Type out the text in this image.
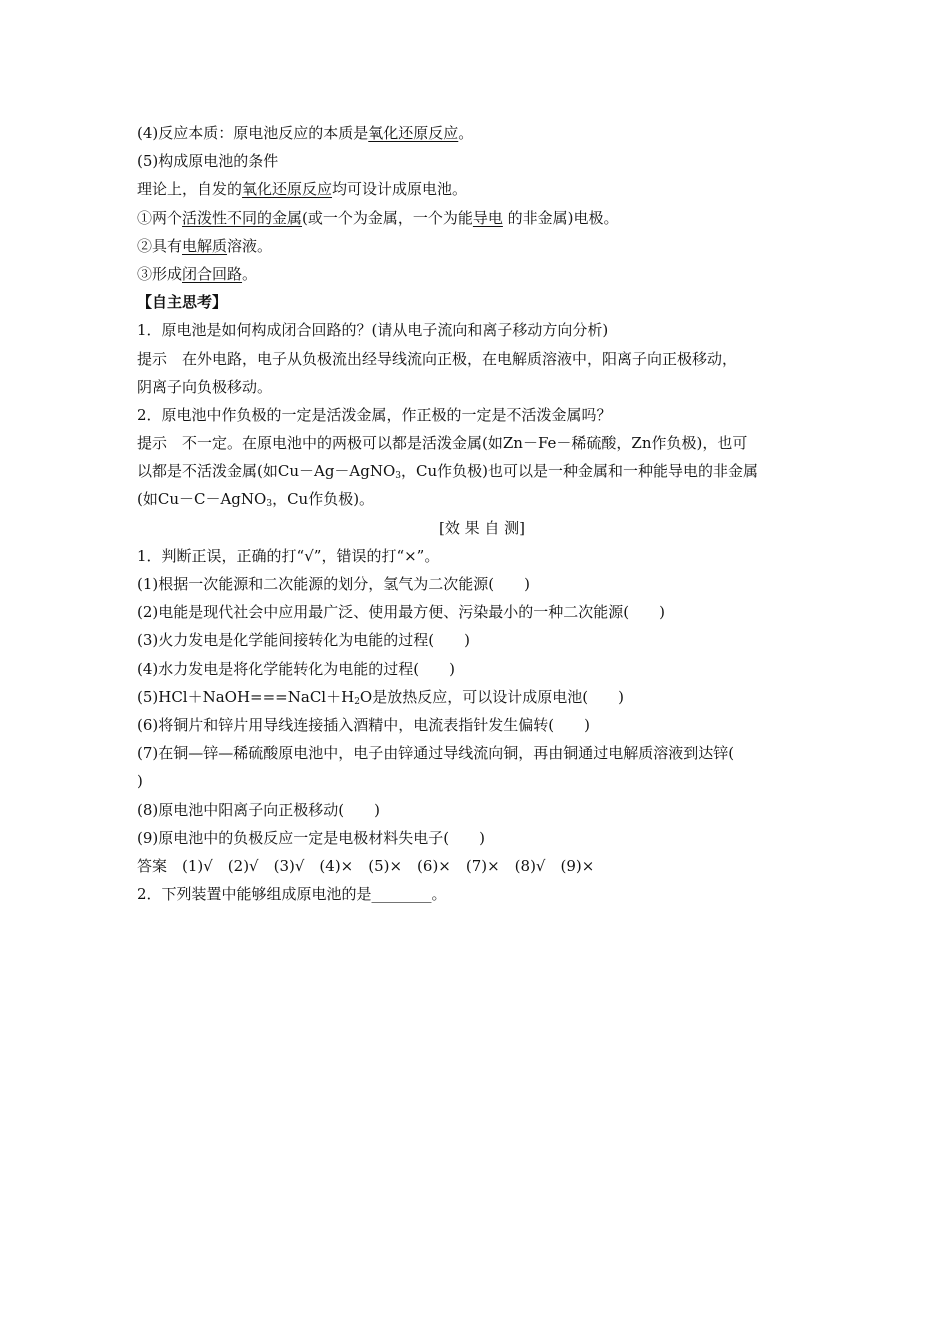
(4)反应本质：原电池反应的本质是氧化还原反应。
(5)构成原电池的条件
理论上，自发的氧化还原反应均可设计成原电池。
①两个活泼性不同的金属(或一个为金属，一个为能导电 的非金属)电极。
②具有电解质溶液。
③形成闭合回路。
【自主思考】
1．原电池是如何构成闭合回路的？(请从电子流向和离子移动方向分析)
提示　在外电路，电子从负极流出经导线流向正极，在电解质溶液中，阳离子向正极移动，
阴离子向负极移动。
2．原电池中作负极的一定是活泼金属，作正极的一定是不活泼金属吗？
提示　不一定。在原电池中的两极可以都是活泼金属(如Zn－Fe－稀硫酸，Zn作负极)，也可
以都是不活泼金属(如Cu－Ag－AgNO$_3$，Cu作负极)也可以是一种金属和一种能导电的非金属
(如Cu－C－AgNO$_3$，Cu作负极)。
[效 果 自 测]
1．判断正误，正确的打“√”，错误的打“×”。
(1)根据一次能源和二次能源的划分，氢气为二次能源(　　)
(2)电能是现代社会中应用最广泛、使用最方便、污染最小的一种二次能源(　　)
(3)火力发电是化学能间接转化为电能的过程(　　)
(4)水力发电是将化学能转化为电能的过程(　　)
$(5)HCl+NaOH===NaCl+H_2O$是放热反应，可以设计成原电池(　　)
(6)将铜片和锌片用导线连接插入酒精中，电流表指针发生偏转(　　)
(7)在铜—锌—稀硫酸原电池中，电子由锌通过导线流向铜，再由铜通过电解质溶液到达锌(
)
(8)原电池中阳离子向正极移动(　　)
(9)原电池中的负极反应一定是电极材料失电子(　　)
答案　(1)√　(2)√　(3)√　(4)×　(5)×　(6)×　(7)×　(8)√　(9)×
2．下列装置中能够组成原电池的是________。
